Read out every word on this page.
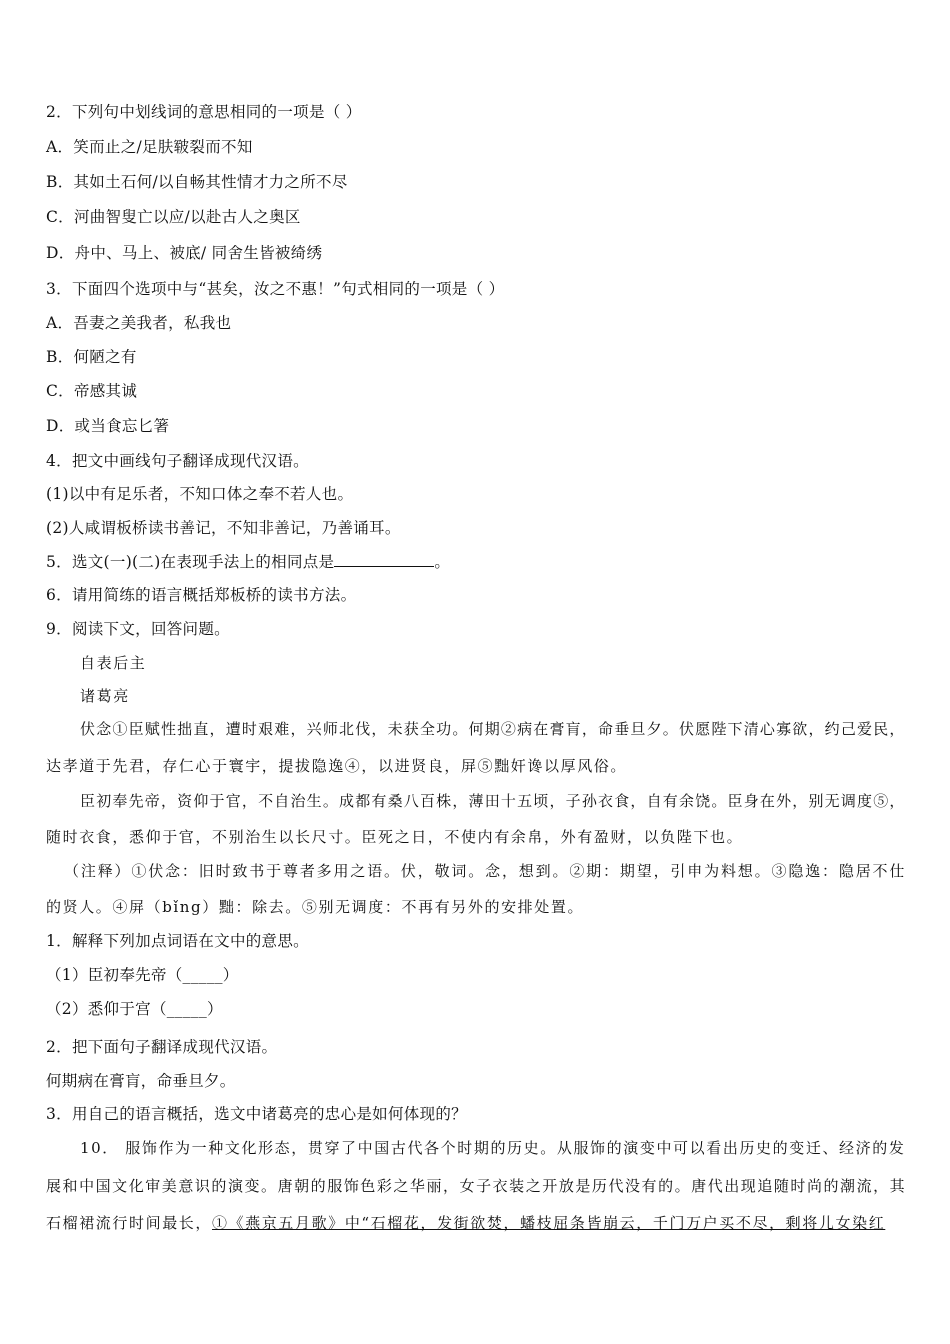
2．下列句中划线词的意思相同的一项是（ ）
A．笑而止之/足肤皲裂而不知
B．其如土石何/以自畅其性情才力之所不尽
C．河曲智叟亡以应/以赴古人之奥区
D．舟中、马上、被底/ 同舍生皆被绮绣
3．下面四个选项中与“甚矣，汝之不惠！”句式相同的一项是（ ）
A．吾妻之美我者，私我也
B．何陋之有
C．帝感其诚
D．或当食忘匕箸
4．把文中画线句子翻译成现代汉语。
(1)以中有足乐者，不知口体之奉不若人也。
(2)人咸谓板桥读书善记，不知非善记，乃善诵耳。
5．选文(一)(二)在表现手法上的相同点是	。
6．请用简练的语言概括郑板桥的读书方法。
9．阅读下文，回答问题。
自表后主
诸葛亮
伏念①臣赋性拙直，遭时艰难，兴师北伐，未获全功。何期②病在膏肓，命垂旦夕。伏愿陛下清心寡欲，约己爱民，
达孝道于先君，存仁心于寰宇，提拔隐逸④，以进贤良，屏⑤黜奸谗以厚风俗。
臣初奉先帝，资仰于官，不自治生。成都有桑八百株，薄田十五顷，子孙衣食，自有余饶。臣身在外，别无调度⑤，
随时衣食，悉仰于官，不别治生以长尺寸。臣死之日，不使内有余帛，外有盈财，以负陛下也。
（注释）①伏念：旧时致书于尊者多用之语。伏，敬词。念，想到。②期：期望，引申为料想。③隐逸：隐居不仕
的贤人。④屏（bǐng）黜：除去。⑤别无调度：不再有另外的安排处置。
1．解释下列加点词语在文中的意思。
（1）臣初奉先帝（_____）
（2）悉仰于宫（_____）
2．把下面句子翻译成现代汉语。
何期病在膏肓，命垂旦夕。
3．用自己的语言概括，选文中诸葛亮的忠心是如何体现的？
10． 服饰作为一种文化形态，贯穿了中国古代各个时期的历史。从服饰的演变中可以看出历史的变迁、经济的发
展和中国文化审美意识的演变。唐朝的服饰色彩之华丽，女子衣装之开放是历代没有的。唐代出现追随时尚的潮流，其
石榴裙流行时间最长，①《燕京五月歌》中“石榴花，发街欲焚，蟠枝屈条皆崩云，千门万户买不尽，剩将儿女染红
